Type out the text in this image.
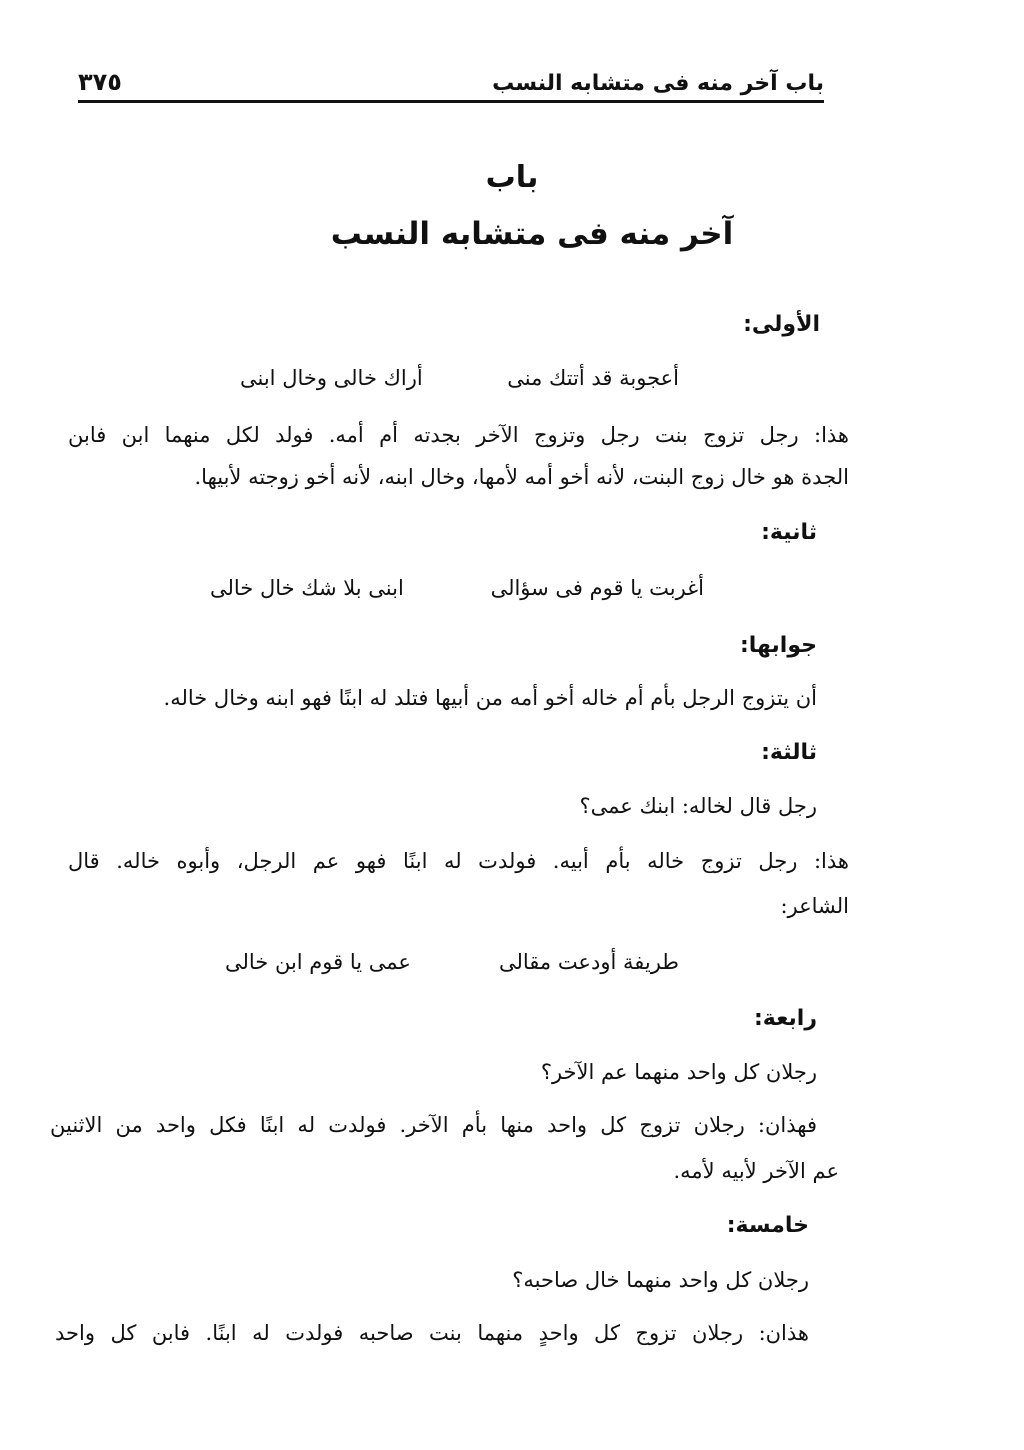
٣٧٥	باب آخر منه فى متشابه النسب
باب
آخر منه فى متشابه النسب
الأولى:
أعجوبة قد أتتك منى
أراك خالى وخال ابنى
هذا: رجل تزوج بنت رجل وتزوج الآخر بجدته أم أمه. فولد لكل منهما ابن فابن
الجدة هو خال زوج البنت، لأنه أخو أمه لأمها، وخال ابنه، لأنه أخو زوجته لأبيها.
ثانية:
أغربت يا قوم فى سؤالى
ابنى بلا شك خال خالى
جوابها:
أن يتزوج الرجل بأم أم خاله أخو أمه من أبيها فتلد له ابنًا فهو ابنه وخال خاله.
ثالثة:
رجل قال لخاله: ابنك عمى؟
هذا: رجل تزوج خاله بأم أبيه. فولدت له ابنًا فهو عم الرجل، وأبوه خاله. قال
الشاعر:
طريفة أودعت مقالى
عمى يا قوم ابن خالى
رابعة:
رجلان كل واحد منهما عم الآخر؟
فهذان: رجلان تزوج كل واحد منها بأم الآخر. فولدت له ابنًا فكل واحد من الاثنين
عم الآخر لأبيه لأمه.
خامسة:
رجلان كل واحد منهما خال صاحبه؟
هذان: رجلان تزوج كل واحدٍ منهما بنت صاحبه فولدت له ابنًا. فابن كل واحد
